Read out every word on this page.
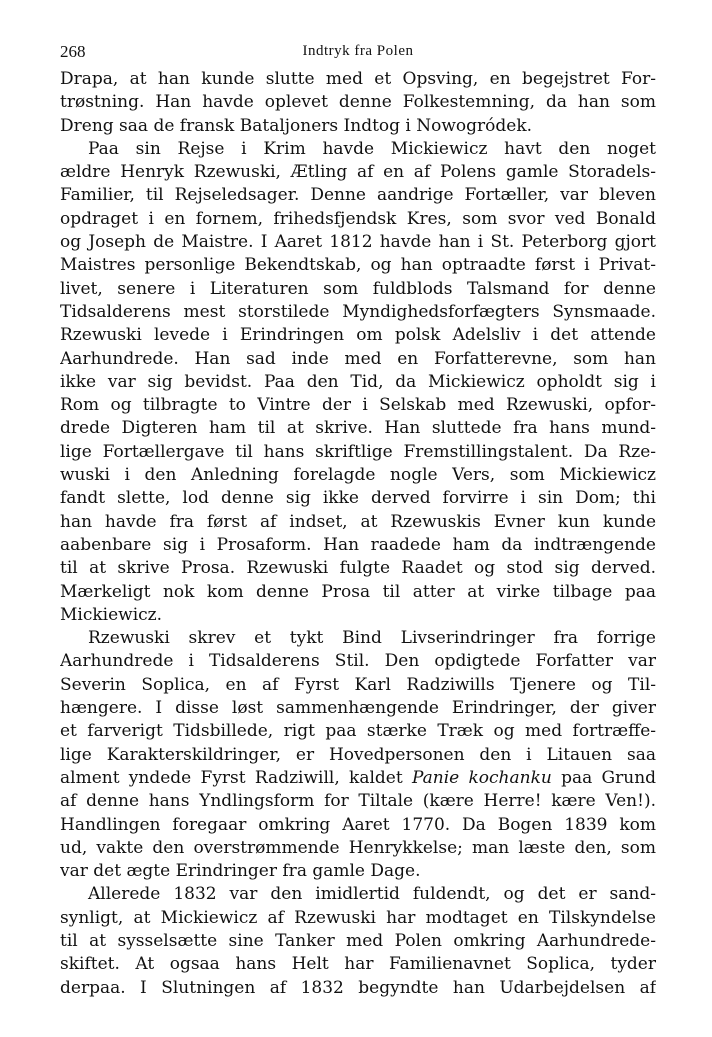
268	Indtryk fra Polen
Drapa, at han kunde slutte med et Opsving, en begejstret For-
trøstning. Han havde oplevet denne Folkestemning, da han som
Dreng saa de fransk Bataljoners Indtog i Nowogródek.
Paa sin Rejse i Krim havde Mickiewicz havt den noget
ældre Henryk Rzewuski, Ætling af en af Polens gamle Storadels-
Familier, til Rejseledsager. Denne aandrige Fortæller, var bleven
opdraget i en fornem, frihedsfjendsk Kres, som svor ved Bonald
og Joseph de Maistre. I Aaret 1812 havde han i St. Peterborg gjort
Maistres personlige Bekendtskab, og han optraadte først i Privat-
livet, senere i Literaturen som fuldblods Talsmand for denne
Tidsalderens mest storstilede Myndighedsforfægters Synsmaade.
Rzewuski levede i Erindringen om polsk Adelsliv i det attende
Aarhundrede. Han sad inde med en Forfatterevne, som han
ikke var sig bevidst. Paa den Tid, da Mickiewicz opholdt sig i
Rom og tilbragte to Vintre der i Selskab med Rzewuski, opfor-
drede Digteren ham til at skrive. Han sluttede fra hans mund-
lige Fortællergave til hans skriftlige Fremstillingstalent. Da Rze-
wuski i den Anledning forelagde nogle Vers, som Mickiewicz
fandt slette, lod denne sig ikke derved forvirre i sin Dom; thi
han havde fra først af indset, at Rzewuskis Evner kun kunde
aabenbare sig i Prosaform. Han raadede ham da indtrængende
til at skrive Prosa. Rzewuski fulgte Raadet og stod sig derved.
Mærkeligt nok kom denne Prosa til atter at virke tilbage paa
Mickiewicz.
Rzewuski skrev et tykt Bind Livserindringer fra forrige
Aarhundrede i Tidsalderens Stil. Den opdigtede Forfatter var
Severin Soplica, en af Fyrst Karl Radziwills Tjenere og Til-
hængere. I disse løst sammenhængende Erindringer, der giver
et farverigt Tidsbillede, rigt paa stærke Træk og med fortræffe-
lige Karakterskildringer, er Hovedpersonen den i Litauen saa
alment yndede Fyrst Radziwill, kaldet Panie kochanku paa Grund
af denne hans Yndlingsform for Tiltale (kære Herre! kære Ven!).
Handlingen foregaar omkring Aaret 1770. Da Bogen 1839 kom
ud, vakte den overstrømmende Henrykkelse; man læste den, som
var det ægte Erindringer fra gamle Dage.
Allerede 1832 var den imidlertid fuldendt, og det er sand-
synligt, at Mickiewicz af Rzewuski har modtaget en Tilskyndelse
til at sysselsætte sine Tanker med Polen omkring Aarhundrede-
skiftet. At ogsaa hans Helt har Familienavnet Soplica, tyder
derpaa. I Slutningen af 1832 begyndte han Udarbejdelsen af
